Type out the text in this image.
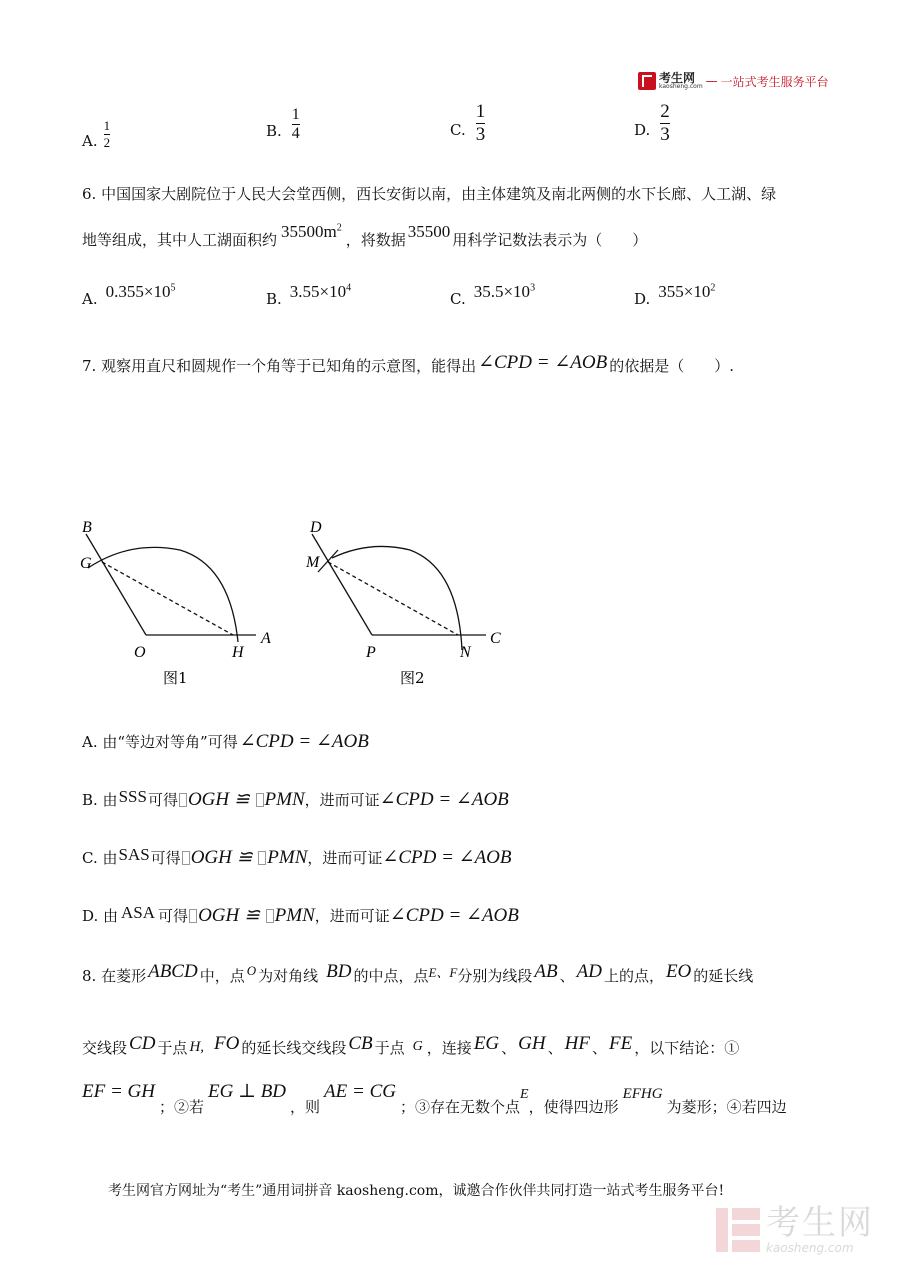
考生网
kaosheng.com — 一站式考生服务平台
A. $\frac{1}{2}$	B. $\frac{1}{4}$	C. $\frac{1}{3}$	D. $\frac{2}{3}$
6. 中国国家大剧院位于人民大会堂西侧，西长安街以南，由主体建筑及南北两侧的水下长廊、人工湖、绿
地等组成，其中人工湖面积约 $35500m^2$
，将数据 35500 用科学记数法表示为（　　）
A. $0.355\times 10^5$
B. $3.55\times 10^4$
C. $35.5\times 10^3$
D. $355\times 10^2$
7. 观察用直尺和圆规作一个角等于已知角的示意图，能得出 ∠CPD = ∠AOB 的依据是（　　）.
B
G
O	H
A
图1
D
M
P	N
C
图2
A. 由“等边对等角”可得 ∠CPD = ∠AOB
B. 由 SSS 可得 OGH ≌ PMN ，进而可证 ∠CPD = ∠AOB
C. 由 SAS 可得 OGH ≌ PMN ，进而可证 ∠CPD = ∠AOB
D. 由 ASA 可得 OGH ≌ PMN ，进而可证 ∠CPD = ∠AOB
8. 在菱形 ABCD 中，点 O 为对角线 BD 的中点，点 E、F 分别为线段 AB 、 AD 上的点， EO 的延长线
交线段 CD 于点 H, FO 的延长线交线段 CB 于点 G ，连接 EG 、 GH 、 HF 、 FE ，以下结论：①
EF = GH
；②若
EG ⊥ BD
，则
AE = CG
；③存在无数个点
E
，使得四边形
EFHG
为菱形；④若四边
考生网官方网址为“考生”通用词拼音 kaosheng.com，诚邀合作伙伴共同打造一站式考生服务平台!
考生网
kaosheng.com
